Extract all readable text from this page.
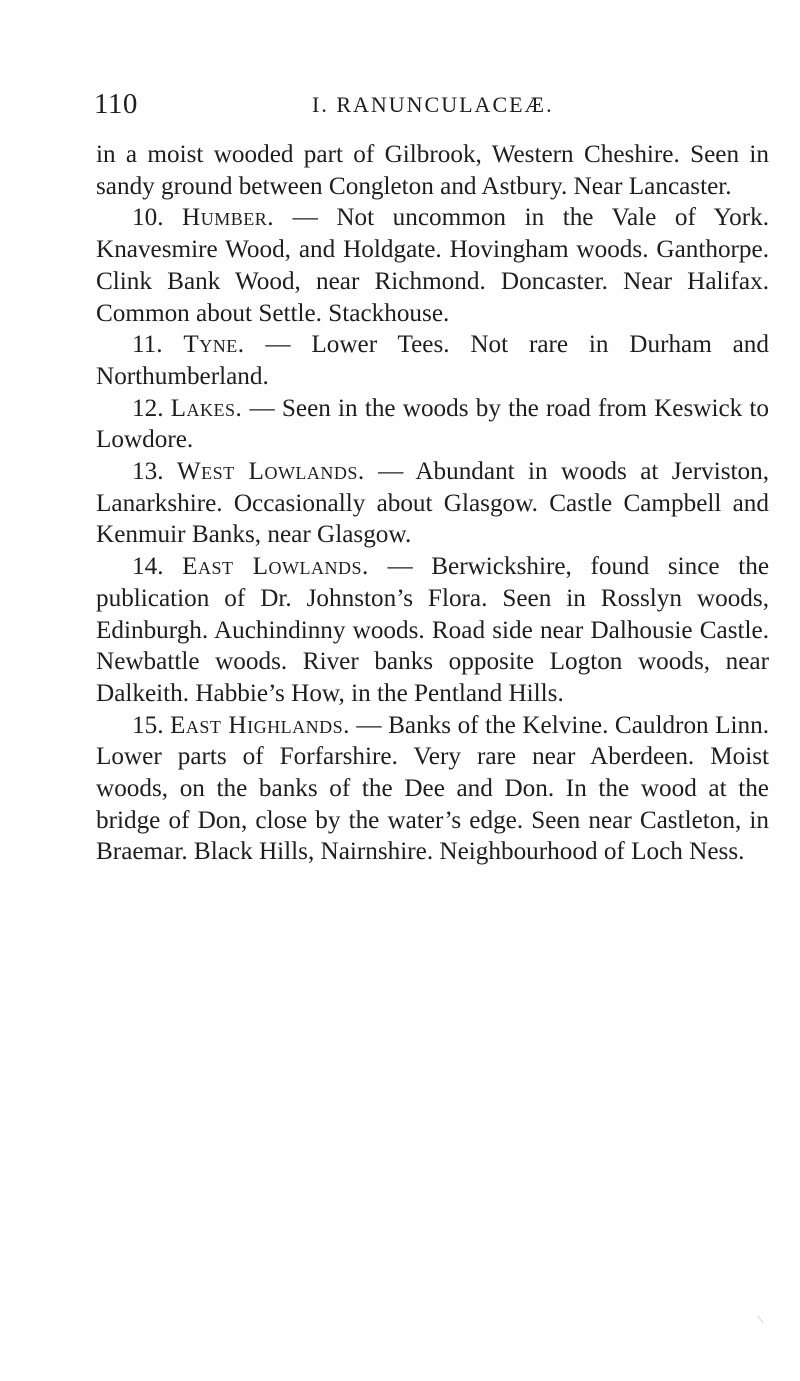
110	I. RANUNCULACEÆ.

in a moist wooded part of Gilbrook, Western Cheshire. Seen in sandy ground between Congleton and Astbury. Near Lancaster.

10. Humber. — Not uncommon in the Vale of York. Knavesmire Wood, and Holdgate. Hovingham woods. Ganthorpe. Clink Bank Wood, near Richmond. Doncaster. Near Halifax. Common about Settle. Stackhouse.

11. Tyne. — Lower Tees. Not rare in Durham and Northumberland.

12. Lakes. — Seen in the woods by the road from Keswick to Lowdore.

13. West Lowlands. — Abundant in woods at Jerviston, Lanarkshire. Occasionally about Glasgow. Castle Campbell and Kenmuir Banks, near Glasgow.

14. East Lowlands. — Berwickshire, found since the publication of Dr. Johnston’s Flora. Seen in Rosslyn woods, Edinburgh. Auchindinny woods. Road side near Dalhousie Castle. Newbattle woods. River banks opposite Logton woods, near Dalkeith. Habbie’s How, in the Pentland Hills.

15. East Highlands. — Banks of the Kelvine. Cauldron Linn. Lower parts of Forfarshire. Very rare near Aberdeen. Moist woods, on the banks of the Dee and Don. In the wood at the bridge of Don, close by the water’s edge. Seen near Castleton, in Braemar. Black Hills, Nairnshire. Neighbourhood of Loch Ness.
